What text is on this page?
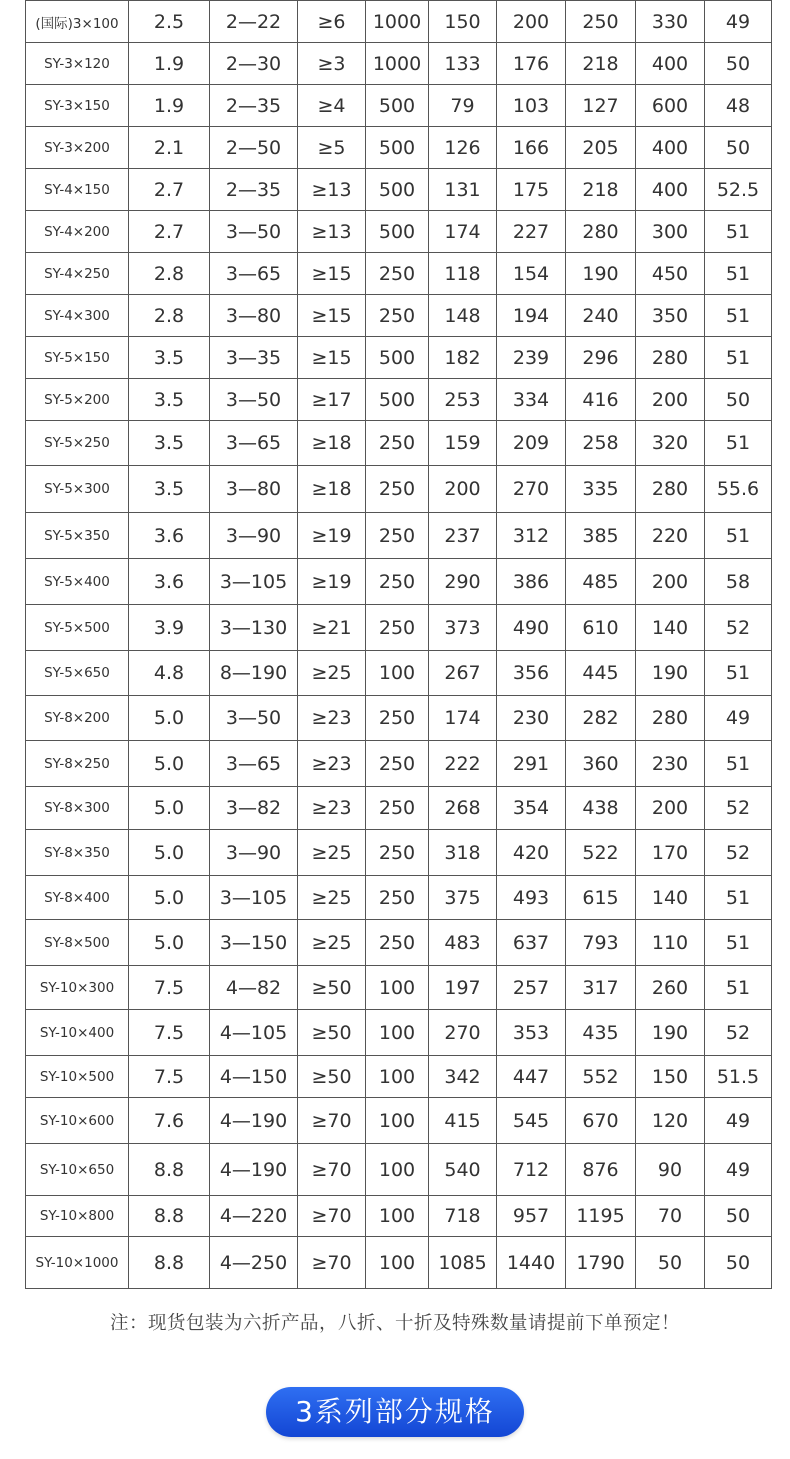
(国际)3×100	2.5	2—22	≥6	1000	150	200	250	330	49
SY-3×120	1.9	2—30	≥3	1000	133	176	218	400	50
SY-3×150	1.9	2—35	≥4	500	79	103	127	600	48
SY-3×200	2.1	2—50	≥5	500	126	166	205	400	50
SY-4×150	2.7	2—35	≥13	500	131	175	218	400	52.5
SY-4×200	2.7	3—50	≥13	500	174	227	280	300	51
SY-4×250	2.8	3—65	≥15	250	118	154	190	450	51
SY-4×300	2.8	3—80	≥15	250	148	194	240	350	51
SY-5×150	3.5	3—35	≥15	500	182	239	296	280	51
SY-5×200	3.5	3—50	≥17	500	253	334	416	200	50
SY-5×250	3.5	3—65	≥18	250	159	209	258	320	51
SY-5×300	3.5	3—80	≥18	250	200	270	335	280	55.6
SY-5×350	3.6	3—90	≥19	250	237	312	385	220	51
SY-5×400	3.6	3—105	≥19	250	290	386	485	200	58
SY-5×500	3.9	3—130	≥21	250	373	490	610	140	52
SY-5×650	4.8	8—190	≥25	100	267	356	445	190	51
SY-8×200	5.0	3—50	≥23	250	174	230	282	280	49
SY-8×250	5.0	3—65	≥23	250	222	291	360	230	51
SY-8×300	5.0	3—82	≥23	250	268	354	438	200	52
SY-8×350	5.0	3—90	≥25	250	318	420	522	170	52
SY-8×400	5.0	3—105	≥25	250	375	493	615	140	51
SY-8×500	5.0	3—150	≥25	250	483	637	793	110	51
SY-10×300	7.5	4—82	≥50	100	197	257	317	260	51
SY-10×400	7.5	4—105	≥50	100	270	353	435	190	52
SY-10×500	7.5	4—150	≥50	100	342	447	552	150	51.5
SY-10×600	7.6	4—190	≥70	100	415	545	670	120	49
SY-10×650	8.8	4—190	≥70	100	540	712	876	90	49
SY-10×800	8.8	4—220	≥70	100	718	957	1195	70	50
SY-10×1000	8.8	4—250	≥70	100	1085	1440	1790	50	50
注：现货包装为六折产品，八折、十折及特殊数量请提前下单预定！
3系列部分规格
